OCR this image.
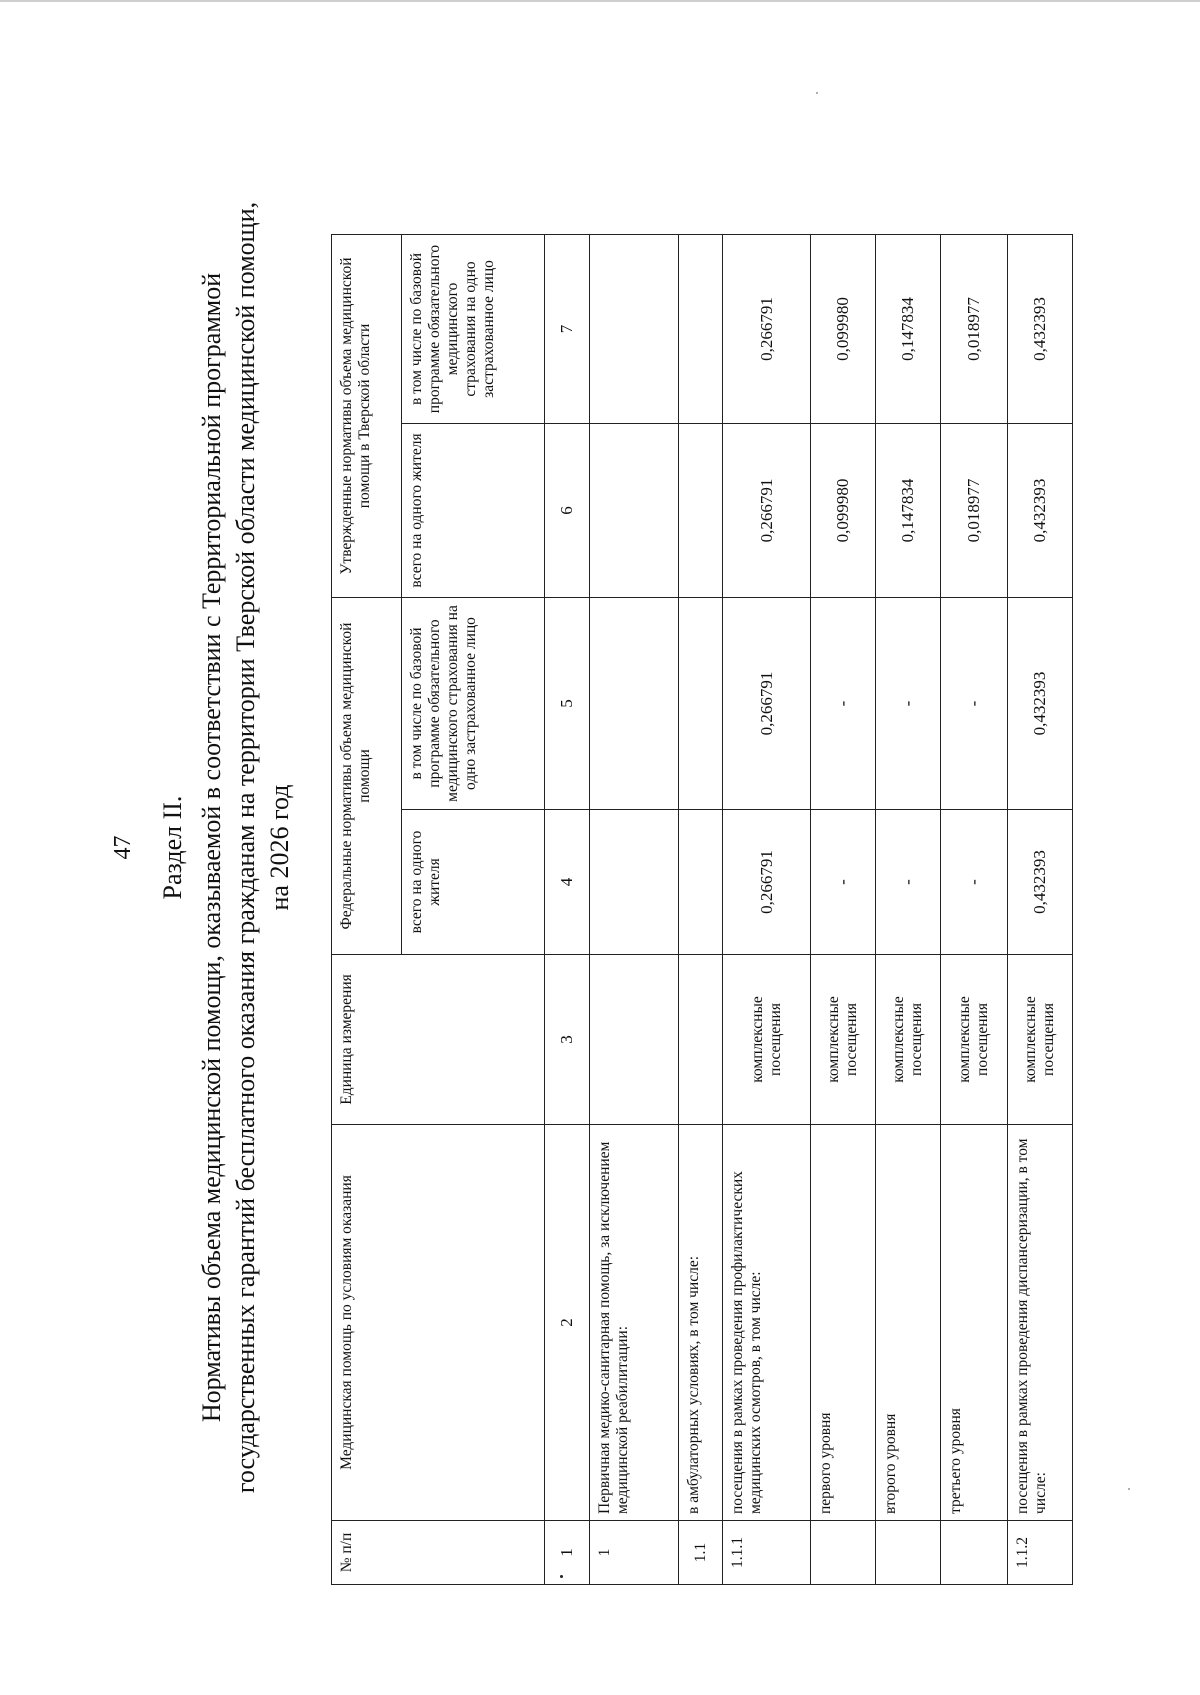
47 Раздел II. Нормативы объема медицинской помощи, оказываемой в соответствии с Территориальной программой государственных гарантий бесплатного оказания гражданам на территории Тверской области медицинской помощи, на 2026 год
№ п/п	Медицинская помощь по условиям оказания	Единица измерения	Федеральные нормативы объема медицинской помощи		Утвержденные нормативы объема медицинской помощи в Тверской области	
			всего на одного жителя	в том числе по базовой программе обязательного медицинского страхования на одно застрахованное лицо	всего на одного жителя	в том числе по базовой программе обязательного медицинского страхования на одно застрахованное лицо
1	2	3	4	5	6	7
1	Первичная медико-санитарная помощь, за исключением медицинской реабилитации:					
1.1	в амбулаторных условиях, в том числе:					
1.1.1	посещения в рамках проведения профилактических медицинских осмотров, в том числе:	комплексные посещения	0,266791	0,266791	0,266791	0,266791
	первого уровня	комплексные посещения	-	-	0,099980	0,099980
	второго уровня	комплексные посещения	-	-	0,147834	0,147834
	третьего уровня	комплексные посещения	-	-	0,018977	0,018977
1.1.2	посещения в рамках проведения диспансеризации, в том числе:	комплексные посещения	0,432393	0,432393	0,432393	0,432393
